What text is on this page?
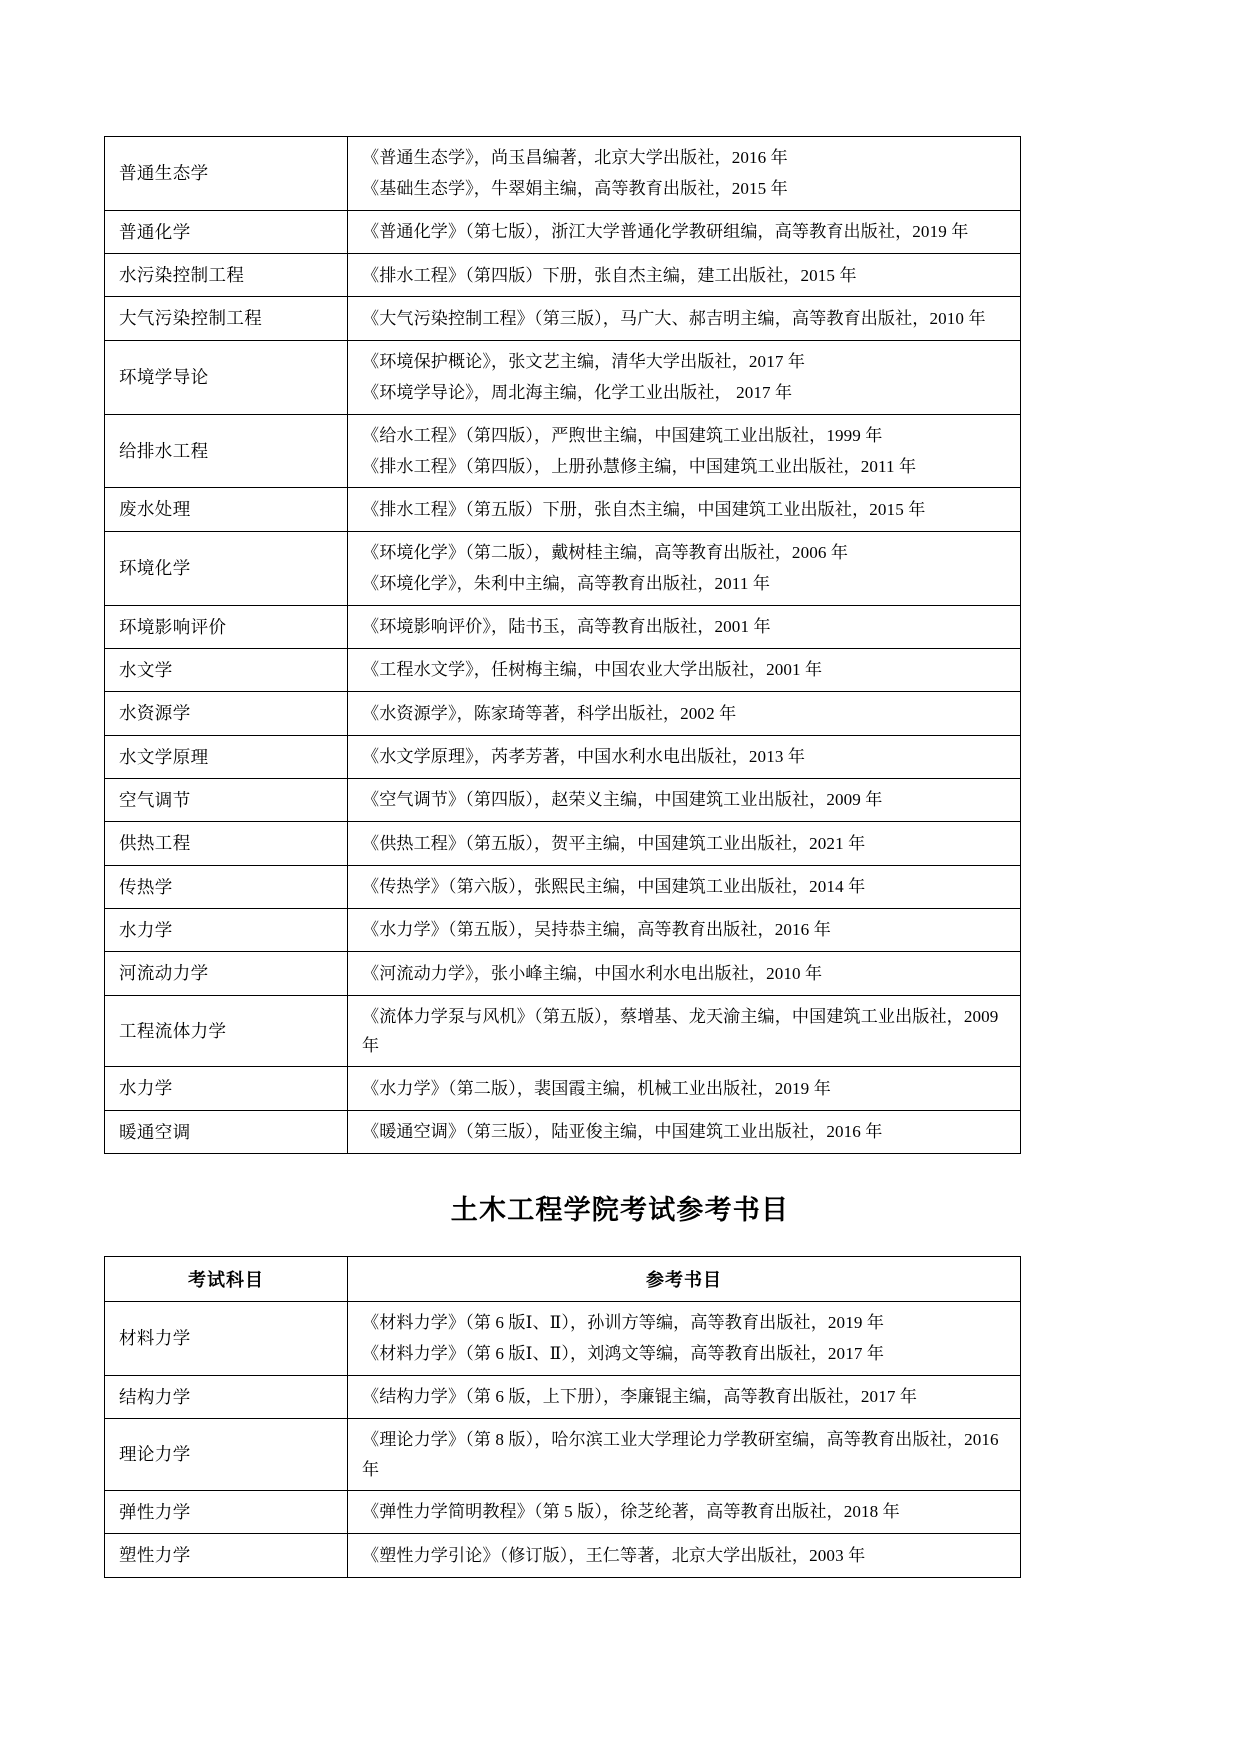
普通生态学	《普通生态学》，尚玉昌编著，北京大学出版社，2016 年
《基础生态学》，牛翠娟主编，高等教育出版社，2015 年

普通化学	《普通化学》（第七版），浙江大学普通化学教研组编，高等教育出版社，2019 年

水污染控制工程	《排水工程》（第四版）下册，张自杰主编，建工出版社，2015 年

大气污染控制工程	《大气污染控制工程》（第三版），马广大、郝吉明主编，高等教育出版社，2010 年

环境学导论	《环境保护概论》，张文艺主编，清华大学出版社，2017 年
《环境学导论》，周北海主编，化学工业出版社， 2017 年

给排水工程	《给水工程》（第四版），严煦世主编，中国建筑工业出版社，1999 年
《排水工程》（第四版），上册孙慧修主编，中国建筑工业出版社，2011 年

废水处理	《排水工程》（第五版）下册，张自杰主编，中国建筑工业出版社，2015 年

环境化学	《环境化学》（第二版），戴树桂主编，高等教育出版社，2006 年
《环境化学》，朱利中主编，高等教育出版社，2011 年

环境影响评价	《环境影响评价》，陆书玉，高等教育出版社，2001 年

水文学	《工程水文学》，任树梅主编，中国农业大学出版社，2001 年

水资源学	《水资源学》，陈家琦等著，科学出版社，2002 年

水文学原理	《水文学原理》，芮孝芳著，中国水利水电出版社，2013 年

空气调节	《空气调节》（第四版），赵荣义主编，中国建筑工业出版社，2009 年

供热工程	《供热工程》（第五版），贺平主编，中国建筑工业出版社，2021 年

传热学	《传热学》（第六版），张熙民主编，中国建筑工业出版社，2014 年

水力学	《水力学》（第五版），吴持恭主编，高等教育出版社，2016 年

河流动力学	《河流动力学》，张小峰主编，中国水利水电出版社，2010 年

工程流体力学	《流体力学泵与风机》（第五版），蔡增基、龙天渝主编，中国建筑工业出版社，2009 年

水力学	《水力学》（第二版），裴国霞主编，机械工业出版社，2019 年

暖通空调	《暖通空调》（第三版），陆亚俊主编，中国建筑工业出版社，2016 年
土木工程学院考试参考书目
考试科目	参考书目
材料力学	《材料力学》（第 6 版Ⅰ、Ⅱ），孙训方等编，高等教育出版社，2019 年
《材料力学》（第 6 版Ⅰ、Ⅱ），刘鸿文等编，高等教育出版社，2017 年

结构力学	《结构力学》（第 6 版，上下册），李廉锟主编，高等教育出版社，2017 年

理论力学	《理论力学》（第 8 版），哈尔滨工业大学理论力学教研室编，高等教育出版社，2016 年

弹性力学	《弹性力学简明教程》（第 5 版），徐芝纶著，高等教育出版社，2018 年

塑性力学	《塑性力学引论》（修订版），王仁等著，北京大学出版社，2003 年
